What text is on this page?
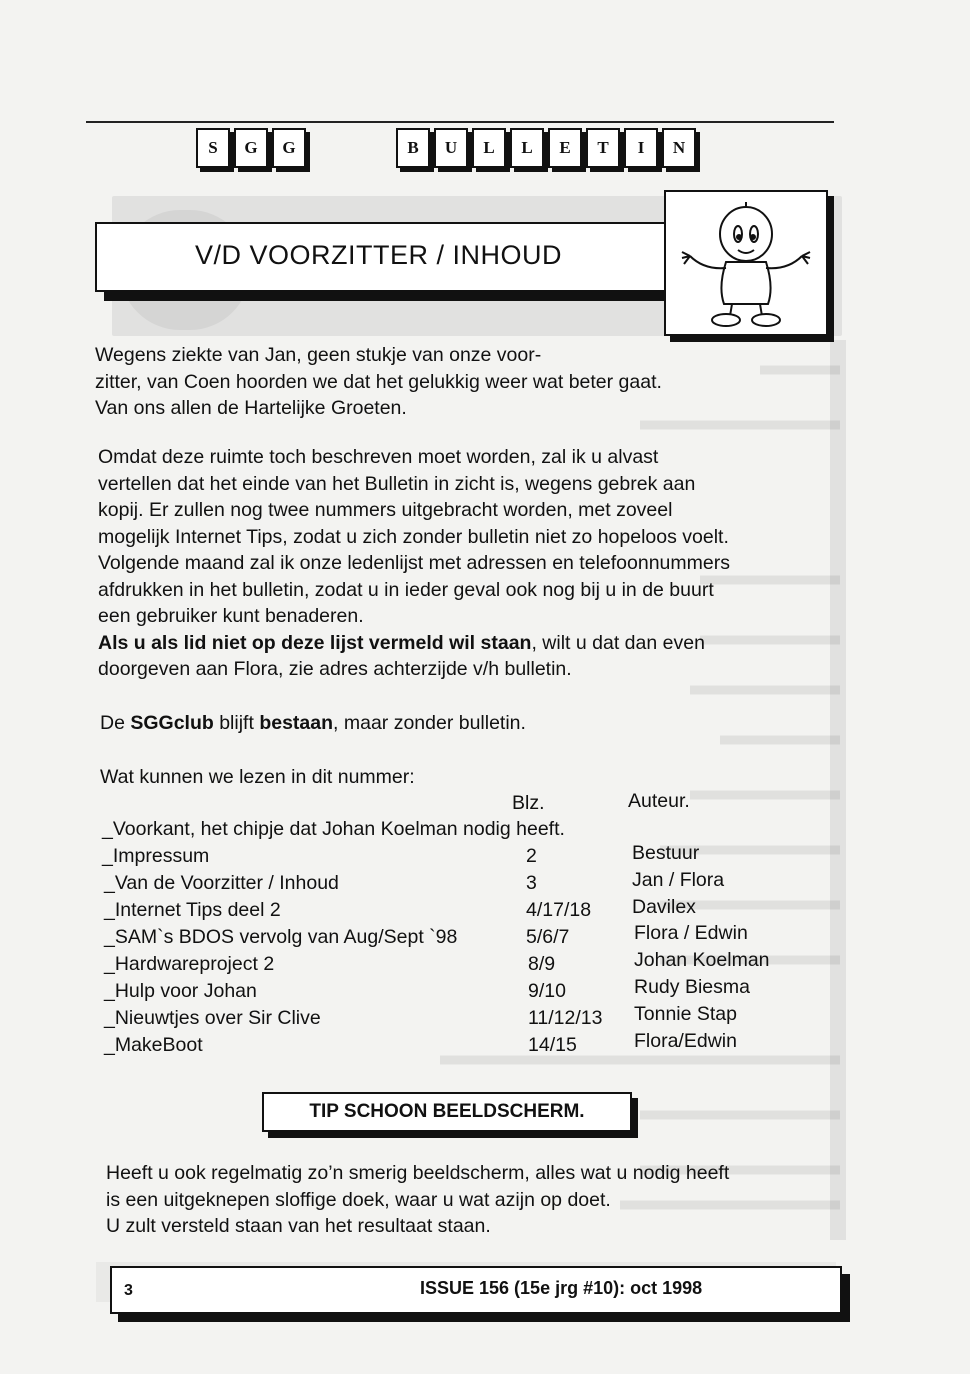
S	G	G	B	U	L	L	E	T	I	N
V/D VOORZITTER / INHOUD
Wegens ziekte van Jan, geen stukje van onze voor-
zitter, van Coen hoorden we dat het gelukkig weer wat beter gaat.
Van ons allen de Hartelijke Groeten.
Omdat deze ruimte toch beschreven moet worden, zal ik u alvast
vertellen dat het einde van het Bulletin in zicht is, wegens gebrek aan
kopij. Er zullen nog twee nummers uitgebracht worden, met zoveel
mogelijk Internet Tips, zodat u zich zonder bulletin niet zo hopeloos voelt.
Volgende maand zal ik onze ledenlijst met adressen en telefoonnummers
afdrukken in het bulletin, zodat u in ieder geval ook nog bij u in de buurt
een gebruiker kunt benaderen.
Als u als lid niet op deze lijst vermeld wil staan, wilt u dat dan even
doorgeven aan Flora, zie adres achterzijde v/h bulletin.
De SGGclub blijft bestaan, maar zonder bulletin.
Wat kunnen we lezen in dit nummer:
Blz.	Auteur.
_Voorkant, het chipje dat Johan Koelman nodig heeft.
_Impressum	2	Bestuur
_Van de Voorzitter / Inhoud	3	Jan / Flora
_Internet Tips deel 2	4/17/18 Davilex
_SAM`s BDOS vervolg van Aug/Sept `98	5/6/7	Flora / Edwin
_Hardwareproject 2	8/9	Johan Koelman
_Hulp voor Johan	9/10	Rudy Biesma
_Nieuwtjes over Sir Clive	11/12/13 Tonnie Stap
_MakeBoot	14/15	Flora/Edwin
TIP SCHOON BEELDSCHERM.
Heeft u ook regelmatig zo’n smerig beeldscherm, alles wat u nodig heeft
is een uitgeknepen sloffige doek, waar u wat azijn op doet.
U zult versteld staan van het resultaat staan.
3	ISSUE 156 (15e jrg #10): oct 1998
